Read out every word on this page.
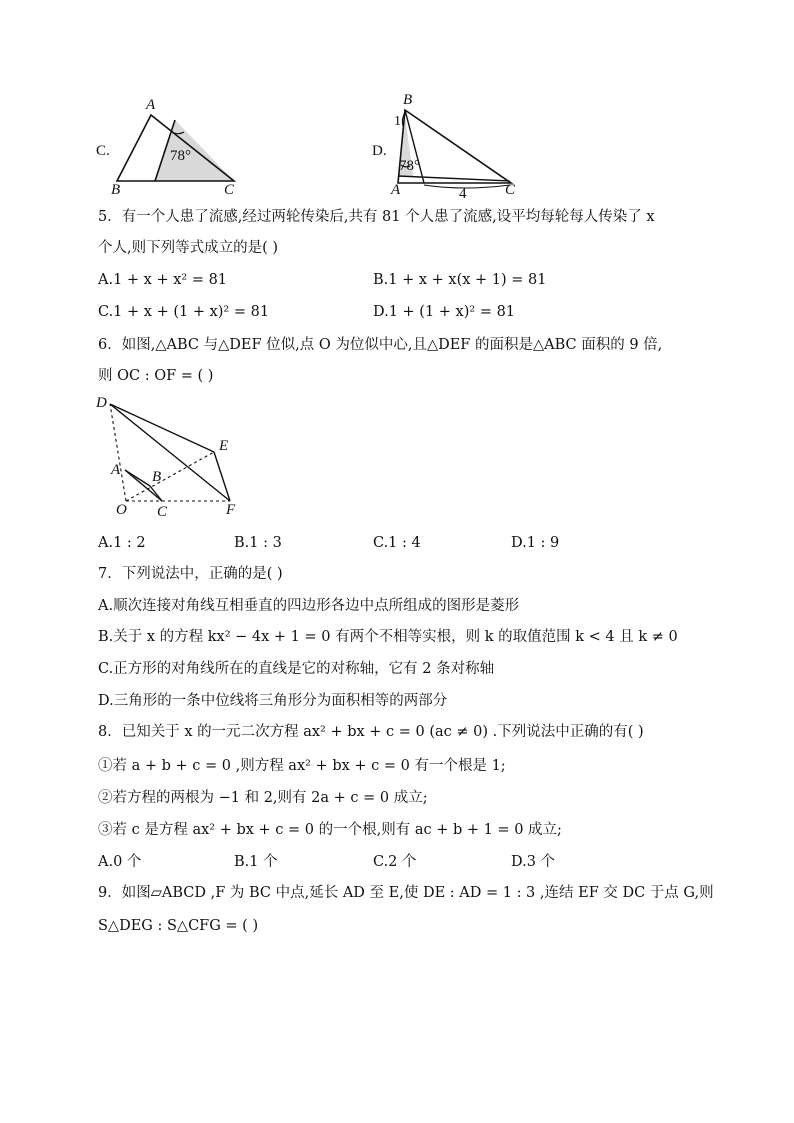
C.
A
B	C
78°	D.
B
1
78°
A	4	C
5．有一个人患了流感,经过两轮传染后,共有 81 个人患了流感,设平均每轮每人传染了 x
个人,则下列等式成立的是( )
A.1 + x + x² = 81	B.1 + x + x(x + 1) = 81
C.1 + x + (1 + x)² = 81	D.1 + (1 + x)² = 81
6．如图,△ABC 与△DEF 位似,点 O 为位似中心,且△DEF 的面积是△ABC 面积的 9 倍,
则 OC : OF = ( )
D
E
A B
O C	F
A.1 : 2	B.1 : 3	C.1 : 4	D.1 : 9
7．下列说法中，正确的是( )
A.顺次连接对角线互相垂直的四边形各边中点所组成的图形是菱形
B.关于 x 的方程 kx² − 4x + 1 = 0 有两个不相等实根，则 k 的取值范围 k < 4 且 k ≠ 0
C.正方形的对角线所在的直线是它的对称轴，它有 2 条对称轴
D.三角形的一条中位线将三角形分为面积相等的两部分
8．已知关于 x 的一元二次方程 ax² + bx + c = 0 (ac ≠ 0) .下列说法中正确的有( )
①若 a + b + c = 0 ,则方程 ax² + bx + c = 0 有一个根是 1;
②若方程的两根为 −1 和 2,则有 2a + c = 0 成立;
③若 c 是方程 ax² + bx + c = 0 的一个根,则有 ac + b + 1 = 0 成立;
A.0 个	B.1 个	C.2 个	D.3 个
9．如图▱ABCD ,F 为 BC 中点,延长 AD 至 E,使 DE : AD = 1 : 3 ,连结 EF 交 DC 于点 G,则
S△DEG : S△CFG = ( )
